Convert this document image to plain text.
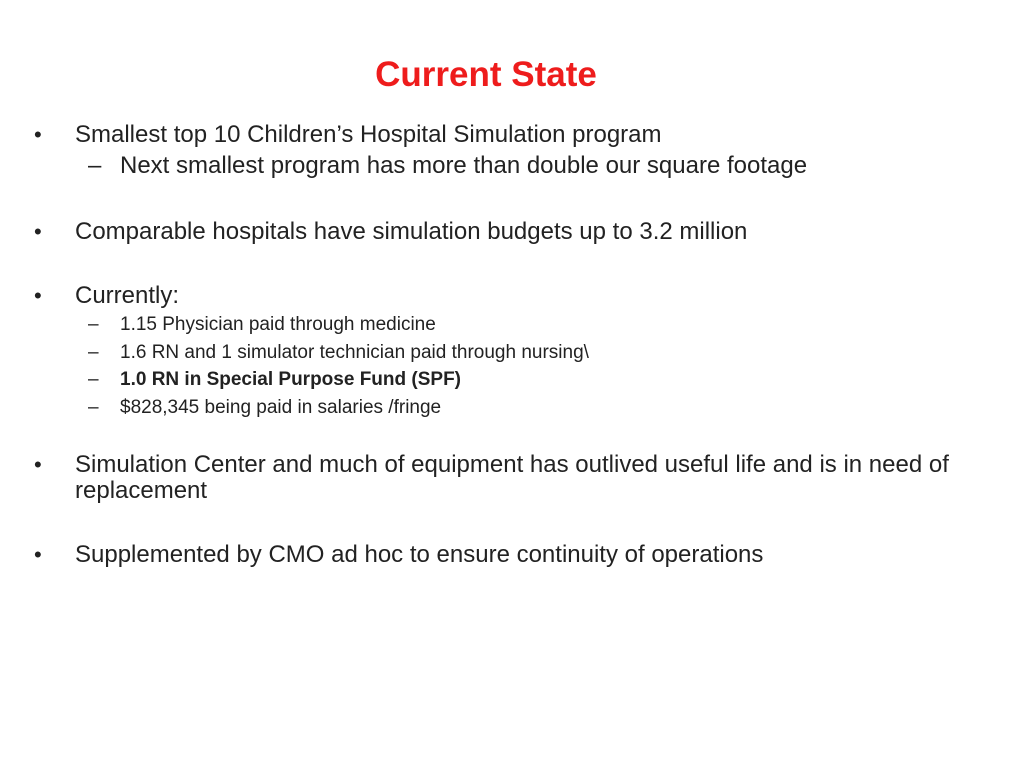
Current State
• Smallest top 10 Children’s Hospital Simulation program
– Next smallest program has more than double our square footage
• Comparable hospitals have simulation budgets up to 3.2 million
• Currently:
– 1.15 Physician paid through medicine
– 1.6 RN and 1 simulator technician paid through nursing\
– 1.0 RN in Special Purpose Fund (SPF)
– $828,345 being paid in salaries /fringe
• Simulation Center and much of equipment has outlived useful life and is in need of replacement
• Supplemented by CMO ad hoc to ensure continuity of operations
